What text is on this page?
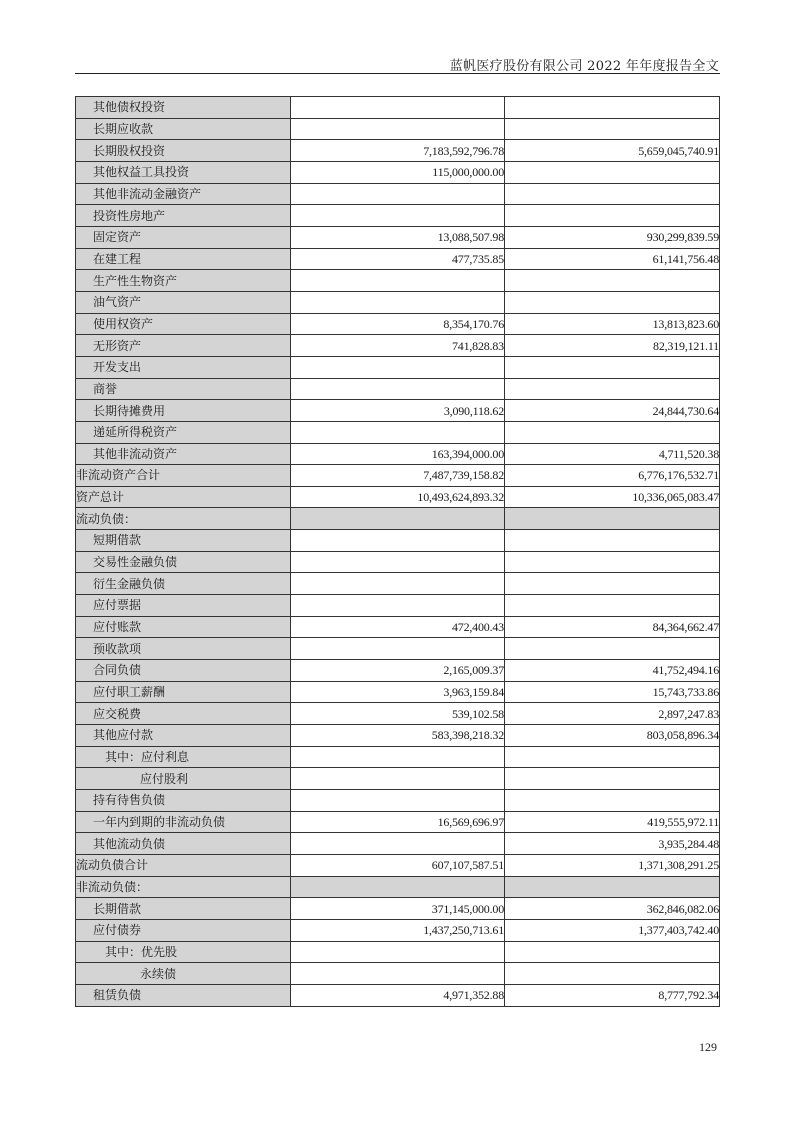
蓝帆医疗股份有限公司 2022 年年度报告全文
其他债权投资		
长期应收款		
长期股权投资	7,183,592,796.78	5,659,045,740.91
其他权益工具投资	115,000,000.00	
其他非流动金融资产		
投资性房地产		
固定资产	13,088,507.98	930,299,839.59
在建工程	477,735.85	61,141,756.48
生产性生物资产		
油气资产		
使用权资产	8,354,170.76	13,813,823.60
无形资产	741,828.83	82,319,121.11
开发支出		
商誉		
长期待摊费用	3,090,118.62	24,844,730.64
递延所得税资产		
其他非流动资产	163,394,000.00	4,711,520.38
非流动资产合计	7,487,739,158.82	6,776,176,532.71
资产总计	10,493,624,893.32	10,336,065,083.47
流动负债：		
短期借款		
交易性金融负债		
衍生金融负债		
应付票据		
应付账款	472,400.43	84,364,662.47
预收款项		
合同负债	2,165,009.37	41,752,494.16
应付职工薪酬	3,963,159.84	15,743,733.86
应交税费	539,102.58	2,897,247.83
其他应付款	583,398,218.32	803,058,896.34
其中：应付利息		
应付股利		
持有待售负债		
一年内到期的非流动负债	16,569,696.97	419,555,972.11
其他流动负债		3,935,284.48
流动负债合计	607,107,587.51	1,371,308,291.25
非流动负债：		
长期借款	371,145,000.00	362,846,082.06
应付债券	1,437,250,713.61	1,377,403,742.40
其中：优先股		
永续债		
租赁负债	4,971,352.88	8,777,792.34
129
